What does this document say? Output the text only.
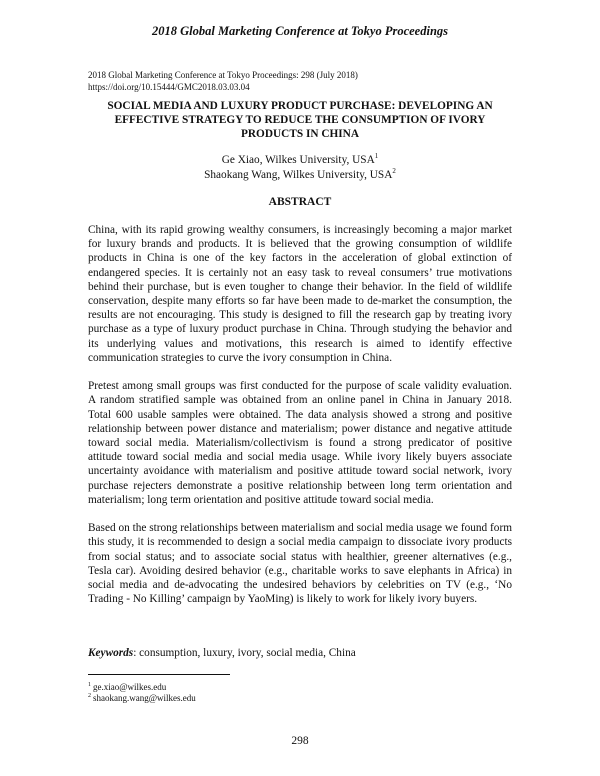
2018 Global Marketing Conference at Tokyo Proceedings
2018 Global Marketing Conference at Tokyo Proceedings: 298 (July 2018)
https://doi.org/10.15444/GMC2018.03.03.04
SOCIAL MEDIA AND LUXURY PRODUCT PURCHASE: DEVELOPING AN EFFECTIVE STRATEGY TO REDUCE THE CONSUMPTION OF IVORY PRODUCTS IN CHINA
Ge Xiao, Wilkes University, USA$^1$
Shaokang Wang, Wilkes University, USA$^2$
ABSTRACT

China, with its rapid growing wealthy consumers, is increasingly becoming a major market for luxury brands and products. It is believed that the growing consumption of wildlife products in China is one of the key factors in the acceleration of global extinction of endangered species. It is certainly not an easy task to reveal consumers’ true motivations behind their purchase, but is even tougher to change their behavior. In the field of wildlife conservation, despite many efforts so far have been made to de-market the consumption, the results are not encouraging. This study is designed to fill the research gap by treating ivory purchase as a type of luxury product purchase in China. Through studying the behavior and its underlying values and motivations, this research is aimed to identify effective communication strategies to curve the ivory consumption in China.

Pretest among small groups was first conducted for the purpose of scale validity evaluation. A random stratified sample was obtained from an online panel in China in January 2018. Total 600 usable samples were obtained. The data analysis showed a strong and positive relationship between power distance and materialism; power distance and negative attitude toward social media. Materialism/collectivism is found a strong predicator of positive attitude toward social media and social media usage. While ivory likely buyers associate uncertainty avoidance with materialism and positive attitude toward social network, ivory purchase rejecters demonstrate a positive relationship between long term orientation and materialism; long term orientation and positive attitude toward social media.

Based on the strong relationships between materialism and social media usage we found form this study, it is recommended to design a social media campaign to dissociate ivory products from social status; and to associate social status with healthier, greener alternatives (e.g., Tesla car). Avoiding desired behavior (e.g., charitable works to save elephants in Africa) in social media and de-advocating the undesired behaviors by celebrities on TV (e.g., ‘No Trading - No Killing’ campaign by YaoMing) is likely to work for likely ivory buyers.

Keywords: consumption, luxury, ivory, social media, China
$^1$ ge.xiao@wilkes.edu
$^2$ shaokang.wang@wilkes.edu
298
